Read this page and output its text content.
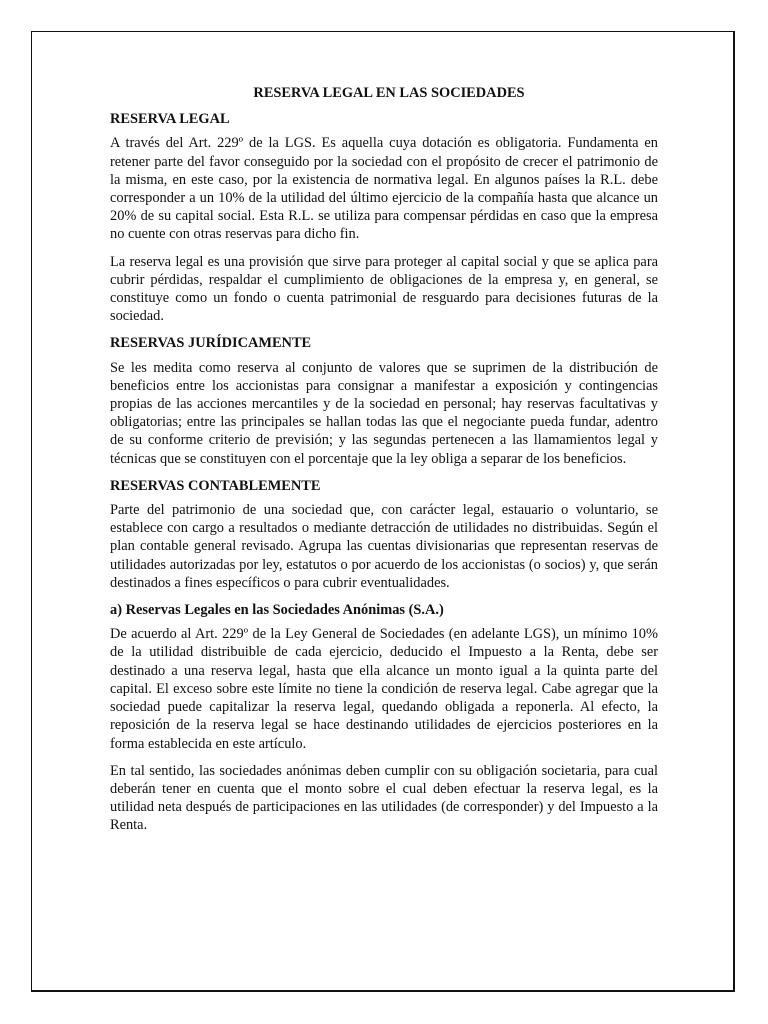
RESERVA LEGAL EN LAS SOCIEDADES
RESERVA LEGAL

A través del Art. 229º de la LGS. Es aquella cuya dotación es obligatoria. Fundamenta en retener parte del favor conseguido por la sociedad con el propósito de crecer el patrimonio de la misma, en este caso, por la existencia de normativa legal. En algunos países la R.L. debe corresponder a un 10% de la utilidad del último ejercicio de la compañía hasta que alcance un 20% de su capital social. Esta R.L. se utiliza para compensar pérdidas en caso que la empresa no cuente con otras reservas para dicho fin.

La reserva legal es una provisión que sirve para proteger al capital social y que se aplica para cubrir pérdidas, respaldar el cumplimiento de obligaciones de la empresa y, en general, se constituye como un fondo o cuenta patrimonial de resguardo para decisiones futuras de la sociedad.

RESERVAS JURÍDICAMENTE

Se les medita como reserva al conjunto de valores que se suprimen de la distribución de beneficios entre los accionistas para consignar a manifestar a exposición y contingencias propias de las acciones mercantiles y de la sociedad en personal; hay reservas facultativas y obligatorias; entre las principales se hallan todas las que el negociante pueda fundar, adentro de su conforme criterio de previsión; y las segundas pertenecen a las llamamientos legal y técnicas que se constituyen con el porcentaje que la ley obliga a separar de los beneficios.

RESERVAS CONTABLEMENTE

Parte del patrimonio de una sociedad que, con carácter legal, estauario o voluntario, se establece con cargo a resultados o mediante detracción de utilidades no distribuidas. Según el plan contable general revisado. Agrupa las cuentas divisionarias que representan reservas de utilidades autorizadas por ley, estatutos o por acuerdo de los accionistas (o socios) y, que serán destinados a fines específicos o para cubrir eventualidades.

a) Reservas Legales en las Sociedades Anónimas (S.A.)

De acuerdo al Art. 229º de la Ley General de Sociedades (en adelante LGS), un mínimo 10% de la utilidad distribuible de cada ejercicio, deducido el Impuesto a la Renta, debe ser destinado a una reserva legal, hasta que ella alcance un monto igual a la quinta parte del capital. El exceso sobre este límite no tiene la condición de reserva legal. Cabe agregar que la sociedad puede capitalizar la reserva legal, quedando obligada a reponerla. Al efecto, la reposición de la reserva legal se hace destinando utilidades de ejercicios posteriores en la forma establecida en este artículo.

En tal sentido, las sociedades anónimas deben cumplir con su obligación societaria, para cual deberán tener en cuenta que el monto sobre el cual deben efectuar la reserva legal, es la utilidad neta después de participaciones en las utilidades (de corresponder) y del Impuesto a la Renta.
